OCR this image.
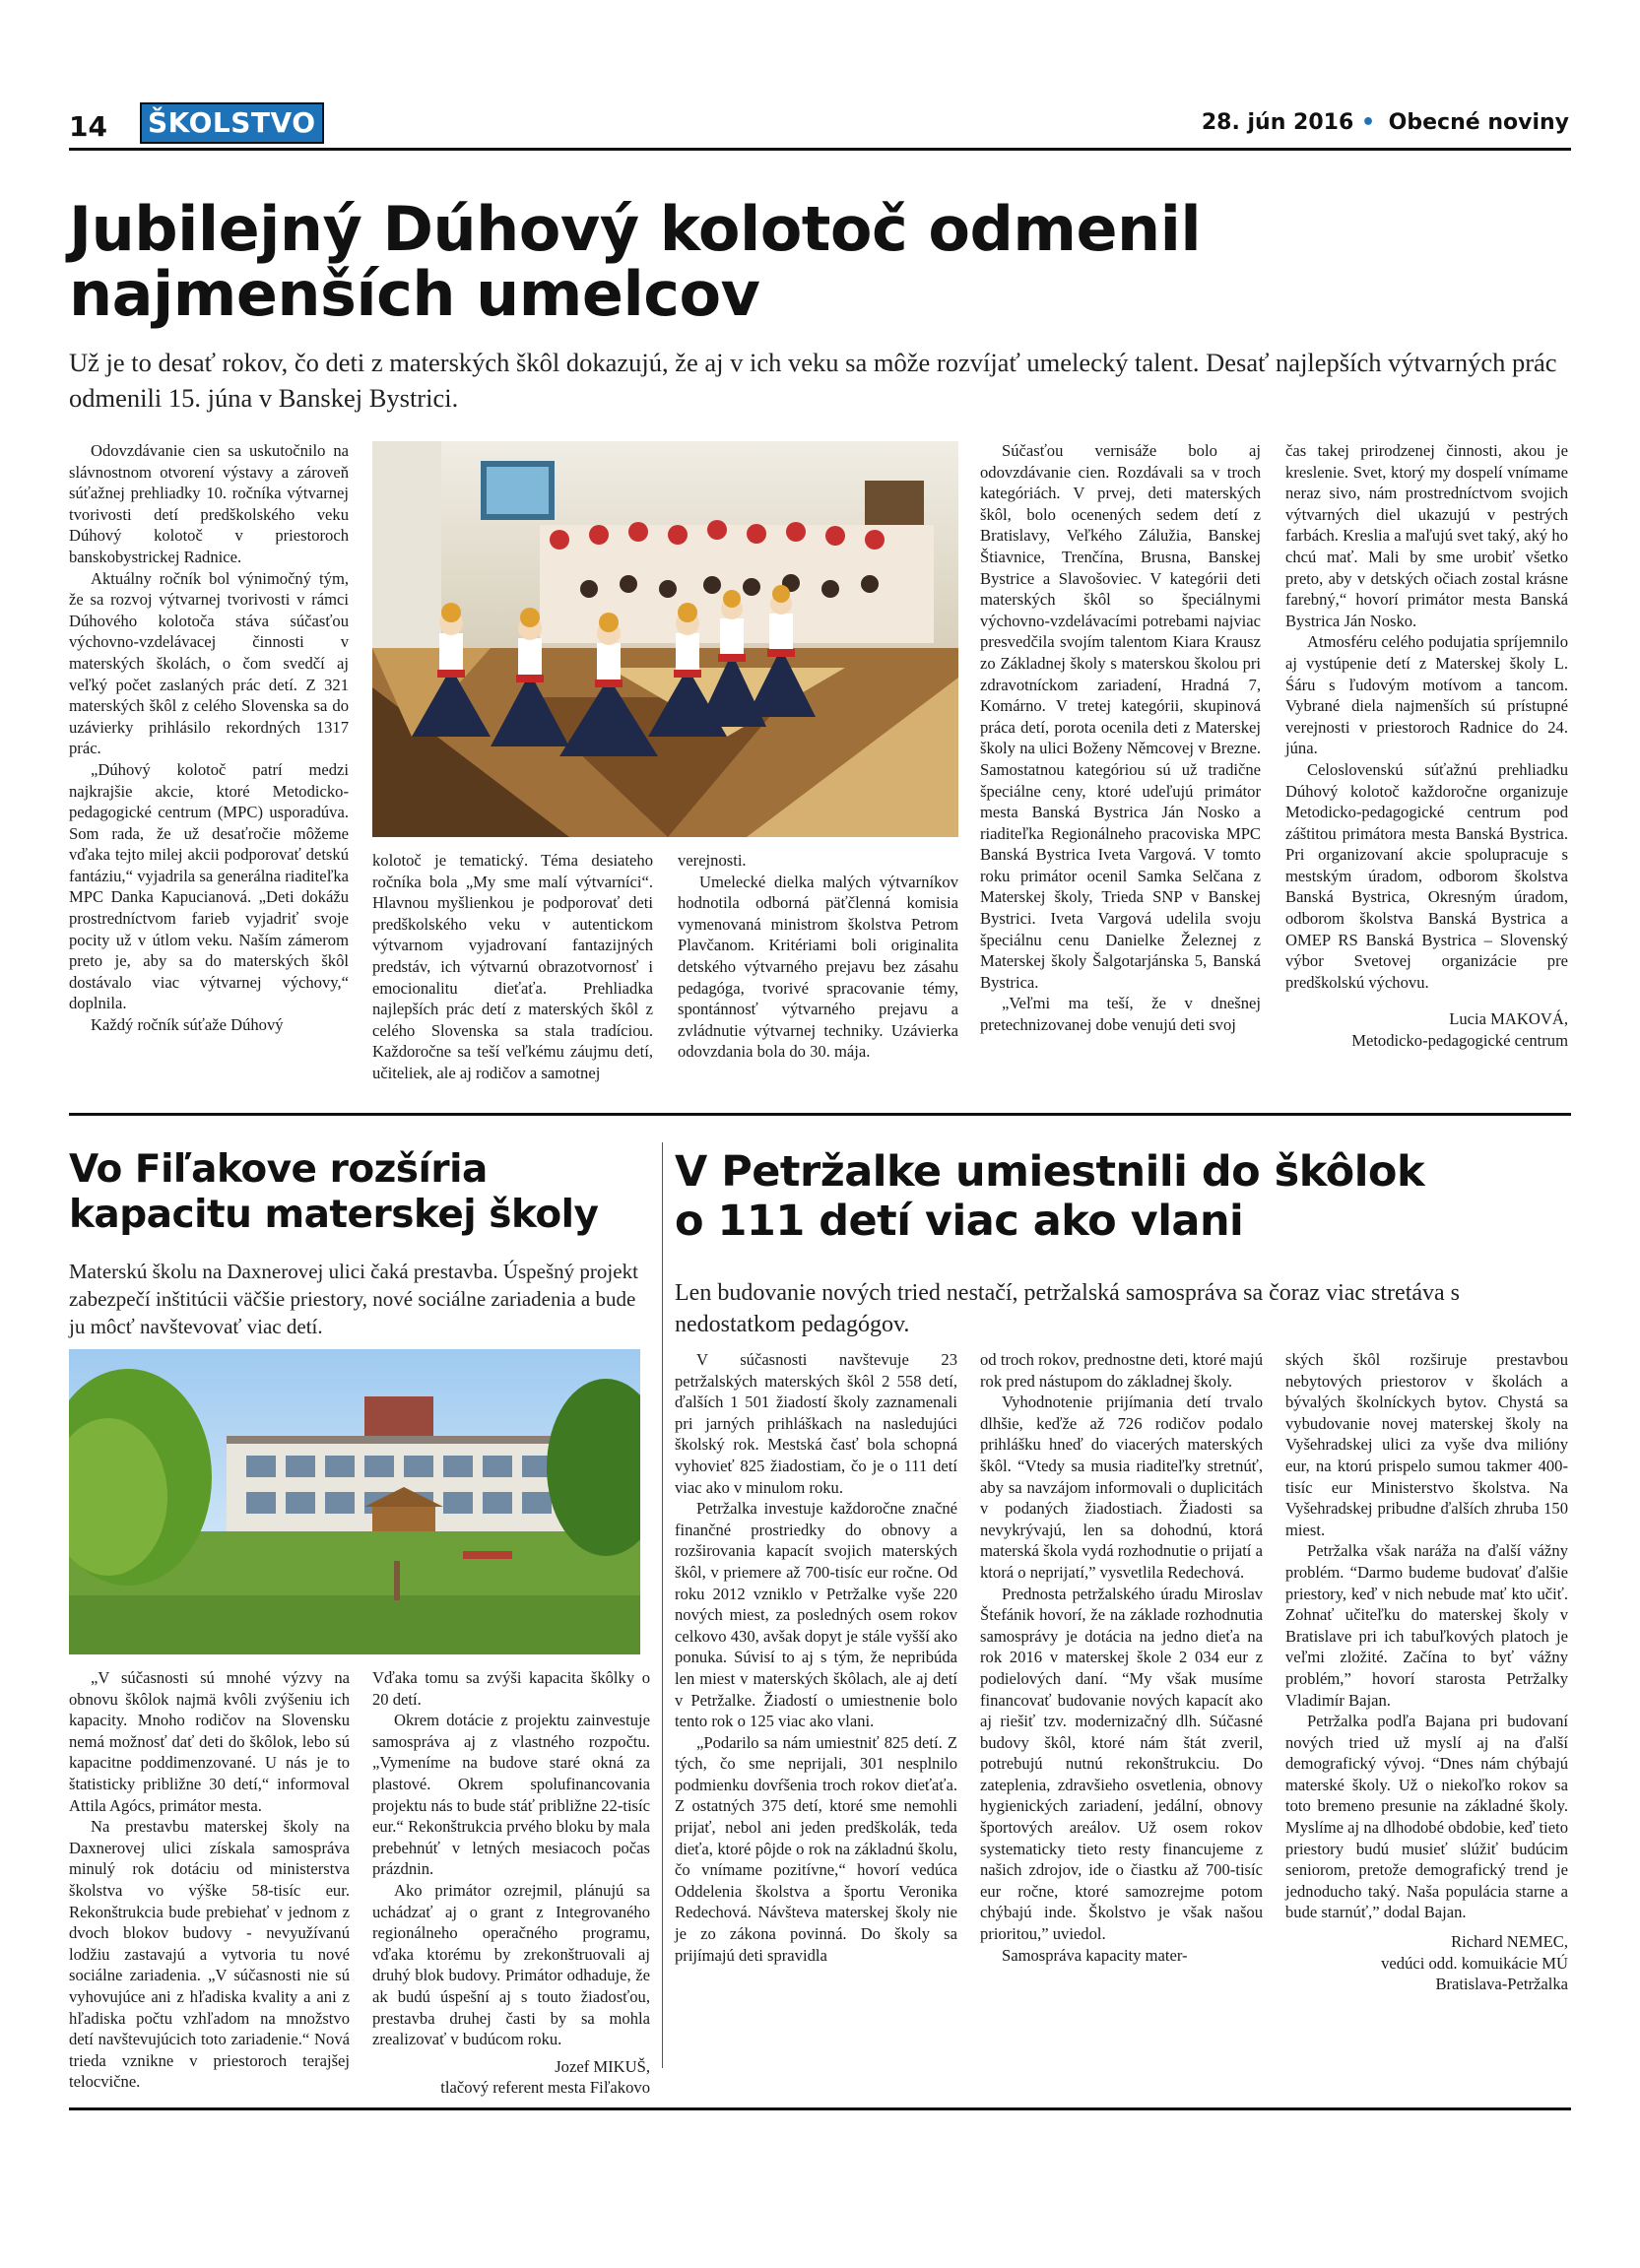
14 ŠKOLSTVO	28. jún 2016 • Obecné noviny
Jubilejný Dúhový kolotoč odmenil
najmenších umelcov
Už je to desať rokov, čo deti z materských škôl dokazujú, že aj v ich veku sa môže rozvíjať umelecký talent. Desať najlepších výtvarných prác odmenili 15. júna v Banskej Bystrici.

Odovzdávanie cien sa uskutočnilo na slávnostnom otvorení výstavy a zároveň súťažnej prehliadky 10. ročníka výtvarnej tvorivosti detí predškolského veku Dúhový kolotoč v priestoroch banskobystrickej Radnice.

Aktuálny ročník bol výnimočný tým, že sa rozvoj výtvarnej tvorivosti v rámci Dúhového kolotoča stáva súčasťou výchovno-vzdelávacej činnosti v materských školách, o čom svedčí aj veľký počet zaslaných prác detí. Z 321 materských škôl z celého Slovenska sa do uzávierky prihlásilo rekordných 1317 prác.

„Dúhový kolotoč patrí medzi najkrajšie akcie, ktoré Metodicko-pedagogické centrum (MPC) usporadúva. Som rada, že už desaťročie môžeme vďaka tejto milej akcii podporovať detskú fantáziu,“ vyjadrila sa generálna riaditeľka MPC Danka Kapucianová. „Deti dokážu prostredníctvom farieb vyjadriť svoje pocity už v útlom veku. Naším zámerom preto je, aby sa do materských škôl dostávalo viac výtvarnej výchovy,“ doplnila.

Každý ročník súťaže Dúhový

kolotoč je tematický. Téma desiateho ročníka bola „My sme malí výtvarníci“. Hlavnou myšlienkou je podporovať deti predškolského veku v autentickom výtvarnom vyjadrovaní fantazijných predstáv, ich výtvarnú obrazotvornosť i emocionalitu dieťaťa. Prehliadka najlepších prác detí z materských škôl z celého Slovenska sa stala tradíciou. Každoročne sa teší veľkému záujmu detí, učiteliek, ale aj rodičov a samotnej

verejnosti.

Umelecké dielka malých výtvarníkov hodnotila odborná päťčlenná komisia vymenovaná ministrom školstva Petrom Plavčanom. Kritériami boli originalita detského výtvarného prejavu bez zásahu pedagóga, tvorivé spracovanie témy, spontánnosť výtvarného prejavu a zvládnutie výtvarnej techniky. Uzávierka odovzdania bola do 30. mája.

Súčasťou vernisáže bolo aj odovzdávanie cien. Rozdávali sa v troch kategóriách. V prvej, deti materských škôl, bolo ocenených sedem detí z Bratislavy, Veľkého Zálužia, Banskej Štiavnice, Trenčína, Brusna, Banskej Bystrice a Slavošoviec. V kategórii deti materských škôl so špeciálnymi výchovno-vzdelávacími potrebami najviac presvedčila svojím talentom Kiara Krausz zo Základnej školy s materskou školou pri zdravotníckom zariadení, Hradná 7, Komárno. V tretej kategórii, skupinová práca detí, porota ocenila deti z Materskej školy na ulici Boženy Němcovej v Brezne. Samostatnou kategóriou sú už tradične špeciálne ceny, ktoré udeľujú primátor mesta Banská Bystrica Ján Nosko a riaditeľka Regionálneho pracoviska MPC Banská Bystrica Iveta Vargová. V tomto roku primátor ocenil Samka Selčana z Materskej školy, Trieda SNP v Banskej Bystrici. Iveta Vargová udelila svoju špeciálnu cenu Danielke Železnej z Materskej školy Šalgotarjánska 5, Banská Bystrica.

„Veľmi ma teší, že v dnešnej pretechnizovanej dobe venujú deti svoj

čas takej prirodzenej činnosti, akou je kreslenie. Svet, ktorý my dospelí vnímame neraz sivo, nám prostredníctvom svojich výtvarných diel ukazujú v pestrých farbách. Kreslia a maľujú svet taký, aký ho chcú mať. Mali by sme urobiť všetko preto, aby v detských očiach zostal krásne farebný,“ hovorí primátor mesta Banská Bystrica Ján Nosko.

Atmosféru celého podujatia spríjemnilo aj vystúpenie detí z Materskej školy L. Śáru s ľudovým motívom a tancom. Vybrané diela najmenších sú prístupné verejnosti v priestoroch Radnice do 24. júna.

Celoslovenskú súťažnú prehliadku Dúhový kolotoč každoročne organizuje Metodicko-pedagogické centrum pod záštitou primátora mesta Banská Bystrica. Pri organizovaní akcie spolupracuje s mestským úradom, odborom školstva Banská Bystrica, Okresným úradom, odborom školstva Banská Bystrica a OMEP RS Banská Bystrica – Slovenský výbor Svetovej organizácie pre predškolskú výchovu.

Lucia MAKOVÁ,
Metodicko-pedagogické centrum

Vo Fiľakove rozšíria
kapacitu materskej školy
Materskú školu na Daxnerovej ulici čaká prestavba. Úspešný projekt zabezpečí inštitúcii väčšie priestory, nové sociálne zariadenia a bude ju môcť navštevovať viac detí.

„V súčasnosti sú mnohé výzvy na obnovu škôlok najmä kvôli zvýšeniu ich kapacity. Mnoho rodičov na Slovensku nemá možnosť dať deti do škôlok, lebo sú kapacitne poddimenzované. U nás je to štatisticky približne 30 detí,“ informoval Attila Agócs, primátor mesta.

Na prestavbu materskej školy na Daxnerovej ulici získala samospráva minulý rok dotáciu od ministerstva školstva vo výške 58-tisíc eur. Rekonštrukcia bude prebiehať v jednom z dvoch blokov budovy - nevyužívanú lodžiu zastavajú a vytvoria tu nové sociálne zariadenia. „V súčasnosti nie sú vyhovujúce ani z hľadiska kvality a ani z hľadiska počtu vzhľadom na množstvo detí navštevujúcich toto zariadenie.“ Nová trieda vznikne v priestoroch terajšej telocvične.

Vďaka tomu sa zvýši kapacita škôlky o 20 detí.

Okrem dotácie z projektu zainvestuje samospráva aj z vlastného rozpočtu. „Vymeníme na budove staré okná za plastové. Okrem spolufinancovania projektu nás to bude stáť približne 22-tisíc eur.“ Rekonštrukcia prvého bloku by mala prebehnúť v letných mesiacoch počas prázdnin.

Ako primátor ozrejmil, plánujú sa uchádzať aj o grant z Integrovaného regionálneho operačného programu, vďaka ktorému by zrekonštruovali aj druhý blok budovy. Primátor odhaduje, že ak budú úspešní aj s touto žiadosťou, prestavba druhej časti by sa mohla zrealizovať v budúcom roku.

Jozef MIKUŠ,
tlačový referent mesta Fiľakovo

V Petržalke umiestnili do škôlok
o 111 detí viac ako vlani
Len budovanie nových tried nestačí, petržalská samospráva sa čoraz viac stretáva s nedostatkom pedagógov.

V súčasnosti navštevuje 23 petržalských materských škôl 2 558 detí, ďalších 1 501 žiadostí školy zaznamenali pri jarných prihláškach na nasledujúci školský rok. Mestská časť bola schopná vyhovieť 825 žiadostiam, čo je o 111 detí viac ako v minulom roku.

Petržalka investuje každoročne značné finančné prostriedky do obnovy a rozširovania kapacít svojich materských škôl, v priemere až 700-tisíc eur ročne. Od roku 2012 vzniklo v Petržalke vyše 220 nových miest, za posledných osem rokov celkovo 430, avšak dopyt je stále vyšší ako ponuka. Súvisí to aj s tým, že nepribúda len miest v materských škôlach, ale aj detí v Petržalke. Žiadostí o umiestnenie bolo tento rok o 125 viac ako vlani.

„Podarilo sa nám umiestniť 825 detí. Z tých, čo sme neprijali, 301 nesplnilo podmienku dovŕšenia troch rokov dieťaťa. Z ostatných 375 detí, ktoré sme nemohli prijať, nebol ani jeden predškolák, teda dieťa, ktoré pôjde o rok na základnú školu, čo vnímame pozitívne,“ hovorí vedúca Oddelenia školstva a športu Veronika Redechová. Návšteva materskej školy nie je zo zákona povinná. Do školy sa prijímajú deti spravidla

od troch rokov, prednostne deti, ktoré majú rok pred nástupom do základnej školy.

Vyhodnotenie prijímania detí trvalo dlhšie, keďže až 726 rodičov podalo prihlášku hneď do viacerých materských škôl. “Vtedy sa musia riaditeľky stretnúť, aby sa navzájom informovali o duplicitách v podaných žiadostiach. Žiadosti sa nevykrývajú, len sa dohodnú, ktorá materská škola vydá rozhodnutie o prijatí a ktorá o neprijatí,” vysvetlila Redechová.

Prednosta petržalského úradu Miroslav Štefánik hovorí, že na základe rozhodnutia samosprávy je dotácia na jedno dieťa na rok 2016 v materskej škole 2 034 eur z podielových daní. “My však musíme financovať budovanie nových kapacít ako aj riešiť tzv. modernizačný dlh. Súčasné budovy škôl, ktoré nám štát zveril, potrebujú nutnú rekonštrukciu. Do zateplenia, zdravšieho osvetlenia, obnovy hygienických zariadení, jedální, obnovy športových areálov. Už osem rokov systematicky tieto resty financujeme z našich zdrojov, ide o čiastku až 700-tisíc eur ročne, ktoré samozrejme potom chýbajú inde. Školstvo je však našou prioritou,” uviedol.

Samospráva kapacity mater-

ských škôl rozširuje prestavbou nebytových priestorov v školách a bývalých školníckych bytov. Chystá sa vybudovanie novej materskej školy na Vyšehradskej ulici za vyše dva milióny eur, na ktorú prispelo sumou takmer 400-tisíc eur Ministerstvo školstva. Na Vyšehradskej pribudne ďalších zhruba 150 miest.

Petržalka však naráža na ďalší vážny problém. “Darmo budeme budovať ďalšie priestory, keď v nich nebude mať kto učiť. Zohnať učiteľku do materskej školy v Bratislave pri ich tabuľkových platoch je veľmi zložité. Začína to byť vážny problém,” hovorí starosta Petržalky Vladimír Bajan.

Petržalka podľa Bajana pri budovaní nových tried už myslí aj na ďalší demografický vývoj. “Dnes nám chýbajú materské školy. Už o niekoľko rokov sa toto bremeno presunie na základné školy. Myslíme aj na dlhodobé obdobie, keď tieto priestory budú musieť slúžiť budúcim seniorom, pretože demografický trend je jednoducho taký. Naša populácia starne a bude starnúť,” dodal Bajan.

Richard NEMEC,
vedúci odd. komuikácie MÚ
Bratislava-Petržalka
